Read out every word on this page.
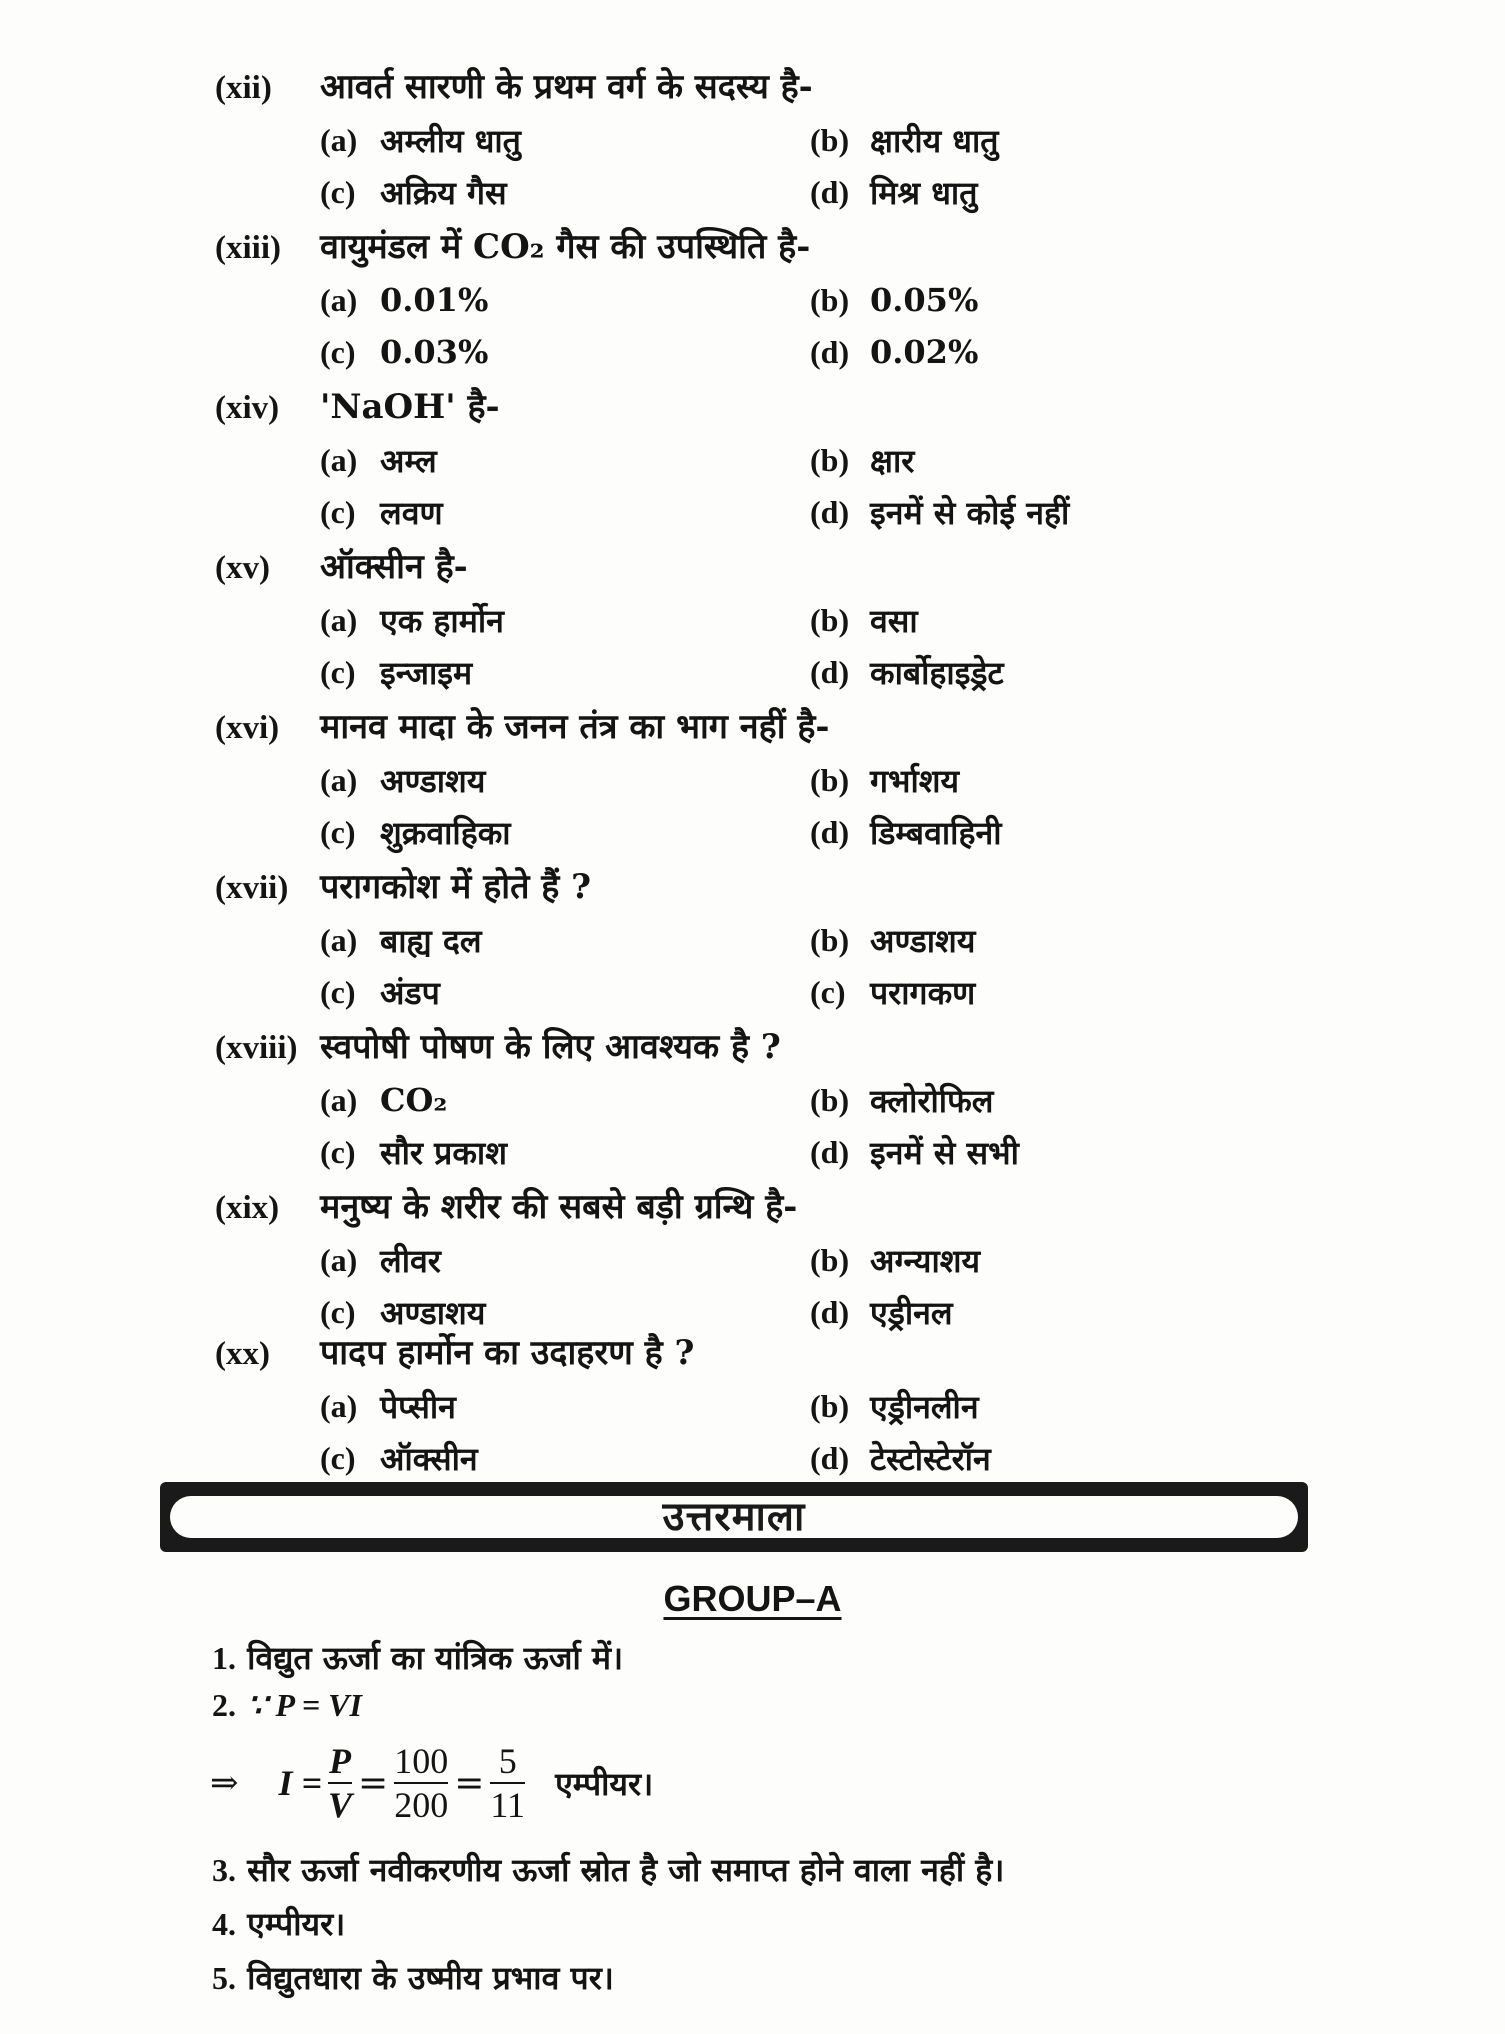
(xii)	आवर्त सारणी के प्रथम वर्ग के सदस्य है-
(a) अम्लीय धातु	(b) क्षारीय धातु
(c) अक्रिय गैस	(d) मिश्र धातु
(xiii)	वायुमंडल में CO₂ गैस की उपस्थिति है-
(a) 0.01%	(b) 0.05%
(c) 0.03%	(d) 0.02%
(xiv)	'NaOH' है-
(a) अम्ल	(b) क्षार
(c) लवण	(d) इनमें से कोई नहीं
(xv)	ऑक्सीन है-
(a) एक हार्मोन	(b) वसा
(c) इन्जाइम	(d) कार्बोहाइड्रेट
(xvi)	मानव मादा के जनन तंत्र का भाग नहीं है-
(a) अण्डाशय	(b) गर्भाशय
(c) शुक्रवाहिका	(d) डिम्बवाहिनी
(xvii) परागकोश में होते हैं ?
(a) बाह्य दल	(b) अण्डाशय
(c) अंडप	(c) परागकण
(xviii) स्वपोषी पोषण के लिए आवश्यक है ?
(a) CO₂	(b) क्लोरोफिल
(c) सौर प्रकाश	(d) इनमें से सभी
(xix)	मनुष्य के शरीर की सबसे बड़ी ग्रन्थि है-
(a) लीवर	(b) अग्न्याशय
(c) अण्डाशय	(d) एड्रीनल
(xx)	पादप हार्मोन का उदाहरण है ?
(a) पेप्सीन	(b) एड्रीनलीन
(c) ऑक्सीन	(d) टेस्टोस्टेरॉन
उत्तरमाला
GROUP–A
1. विद्युत ऊर्जा का यांत्रिक ऊर्जा में।
2. ∵ P = VI
⇒ $I = \frac{P}{V} = \frac{100}{200} = \frac{5}{11}$ एम्पीयर।
3. सौर ऊर्जा नवीकरणीय ऊर्जा स्रोत है जो समाप्त होने वाला नहीं है।
4. एम्पीयर।
5. विद्युतधारा के उष्मीय प्रभाव पर।
